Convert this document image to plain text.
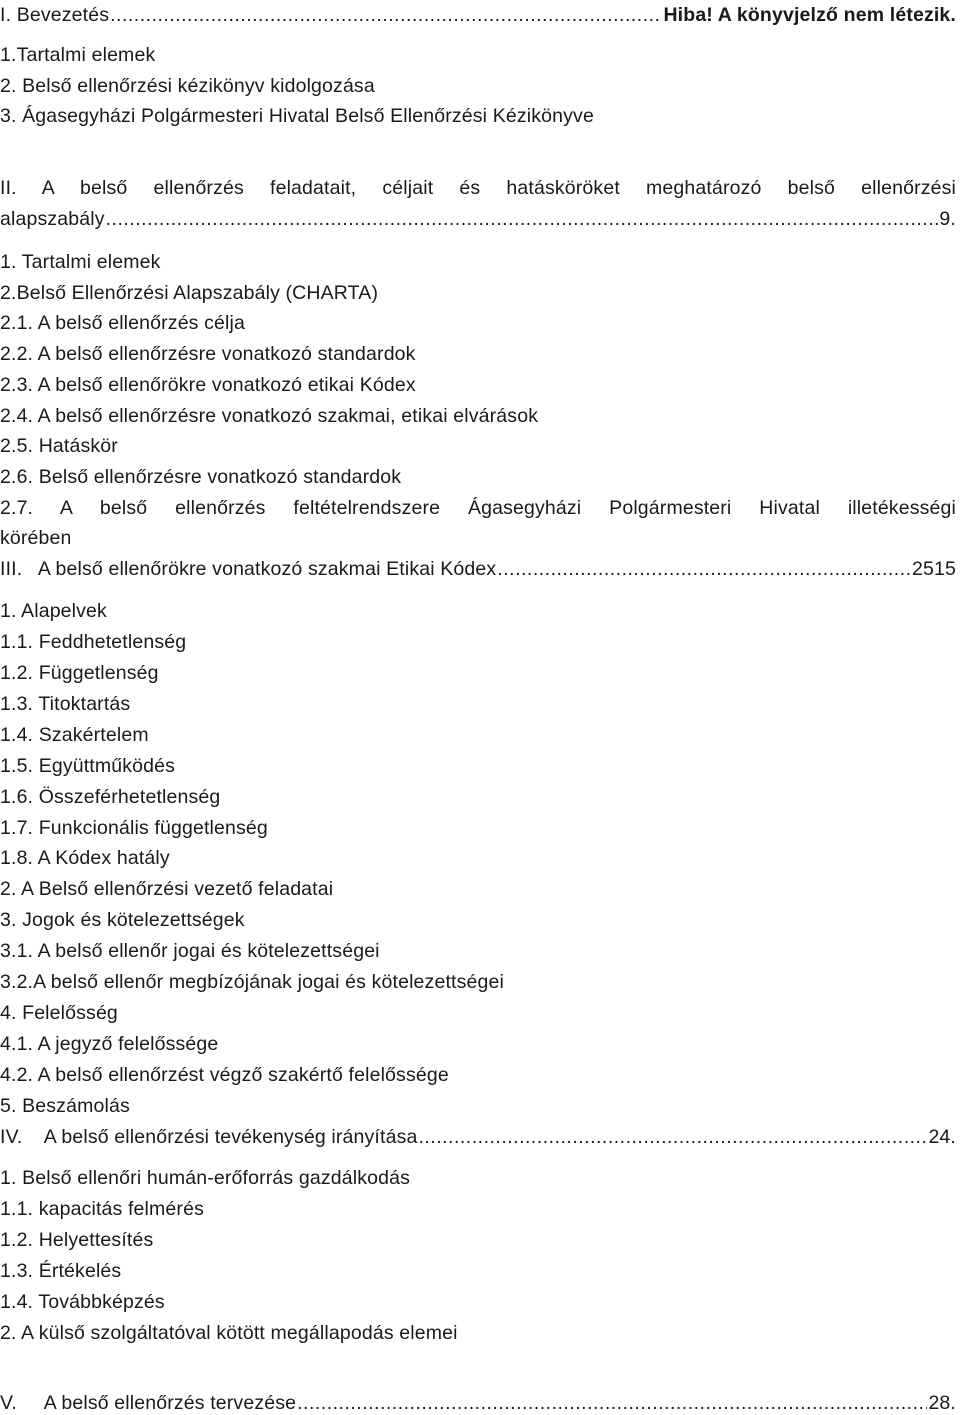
I. Bevezetés .....	Hiba! A könyvjelző nem létezik.
1.Tartalmi elemek
2. Belső ellenőrzési kézikönyv kidolgozása
3. Ágasegyházi Polgármesteri Hivatal Belső Ellenőrzési Kézikönyve
II. A belső ellenőrzés feladatait, céljait és hatásköröket meghatározó belső ellenőrzési
alapszabály .....	9.
1. Tartalmi elemek
2.Belső Ellenőrzési Alapszabály (CHARTA)
2.1. A belső ellenőrzés célja
2.2. A belső ellenőrzésre vonatkozó standardok
2.3. A belső ellenőrökre vonatkozó etikai Kódex
2.4. A belső ellenőrzésre vonatkozó szakmai, etikai elvárások
2.5. Hatáskör
2.6. Belső ellenőrzésre vonatkozó standardok
2.7. A belső ellenőrzés feltételrendszere Ágasegyházi Polgármesteri Hivatal illetékességi
körében
III.   A belső ellenőrökre vonatkozó szakmai Etikai Kódex .....	2515
1. Alapelvek
1.1. Feddhetetlenség
1.2. Függetlenség
1.3. Titoktartás
1.4. Szakértelem
1.5. Együttműködés
1.6. Összeférhetetlenség
1.7. Funkcionális függetlenség
1.8. A Kódex hatály
2. A Belső ellenőrzési vezető feladatai
3. Jogok és kötelezettségek
3.1. A belső ellenőr jogai és kötelezettségei
3.2.A belső ellenőr megbízójának jogai és kötelezettségei
4. Felelősség
4.1. A jegyző felelőssége
4.2. A belső ellenőrzést végző szakértő felelőssége
5. Beszámolás
IV.    A belső ellenőrzési tevékenység irányítása .....	24.
1. Belső ellenőri humán-erőforrás gazdálkodás
1.1. kapacitás felmérés
1.2. Helyettesítés
1.3. Értékelés
1.4. Továbbképzés
2. A külső szolgáltatóval kötött megállapodás elemei
V.     A belső ellenőrzés tervezése .....	28.
